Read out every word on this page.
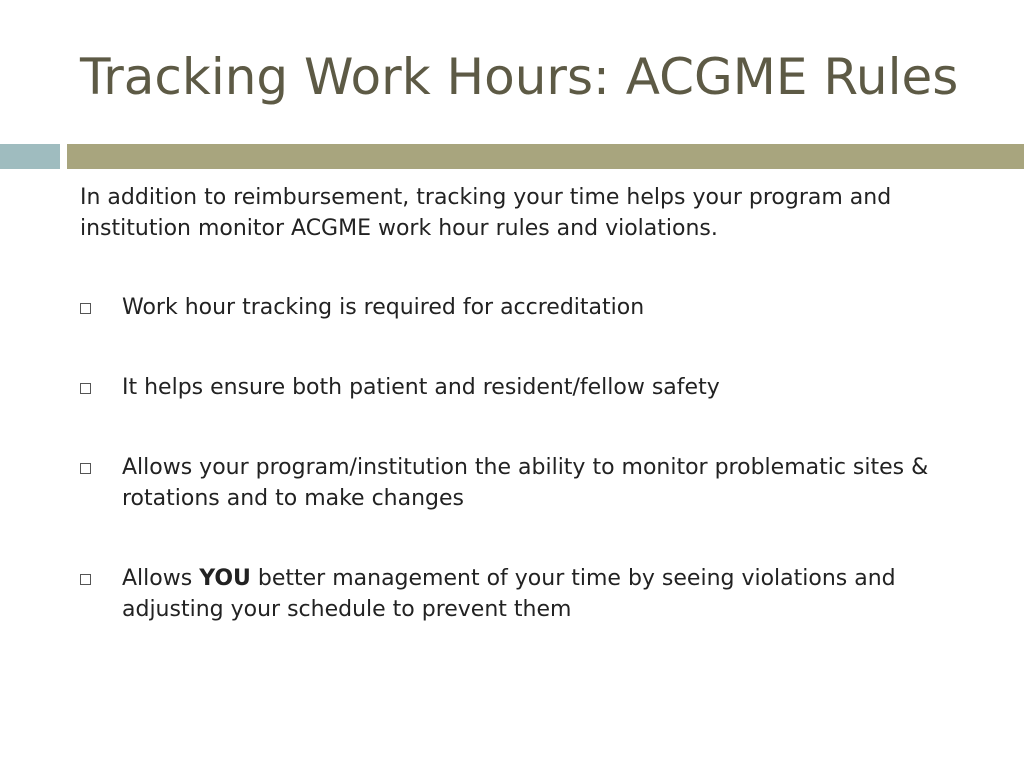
Tracking Work Hours: ACGME Rules

In addition to reimbursement, tracking your time helps your program and institution monitor ACGME work hour rules and violations.

Work hour tracking is required for accreditation
It helps ensure both patient and resident/fellow safety
Allows your program/institution the ability to monitor problematic sites & rotations and to make changes
Allows YOU better management of your time by seeing violations and adjusting your schedule to prevent them
